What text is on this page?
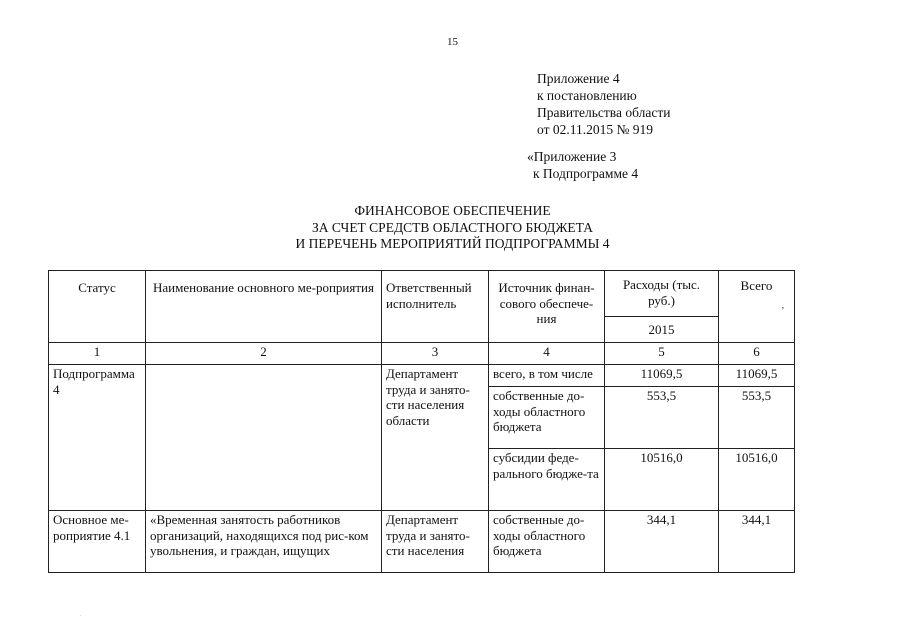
15
Приложение 4
к постановлению
Правительства области
от 02.11.2015 № 919
«Приложение 3
к Подпрограмме 4
ФИНАНСОВОЕ ОБЕСПЕЧЕНИЕ
ЗА СЧЕТ СРЕДСТВ ОБЛАСТНОГО БЮДЖЕТА
И ПЕРЕЧЕНЬ МЕРОПРИЯТИЙ ПОДПРОГРАММЫ 4
Статус	Наименование основного ме-роприятия	Ответственный исполнитель	Источник финан-сового обеспече-ния	Расходы (тыс. руб.)	Всего
,

				2015	
1	2	3	4	5	6
Подпрограмма 4		Департамент труда и занято-сти населения области	всего, в том числе	11069,5	11069,5
			собственные до-ходы областного бюджета	553,5	553,5
			субсидии феде-рального бюдже-та	10516,0	10516,0
Основное ме-роприятие 4.1	«Временная занятость работников организаций, находящихся под рис-ком увольнения, и граждан, ищущих	Департамент труда и занято-сти населения	собственные до-ходы областного бюджета	344,1	344,1
.
